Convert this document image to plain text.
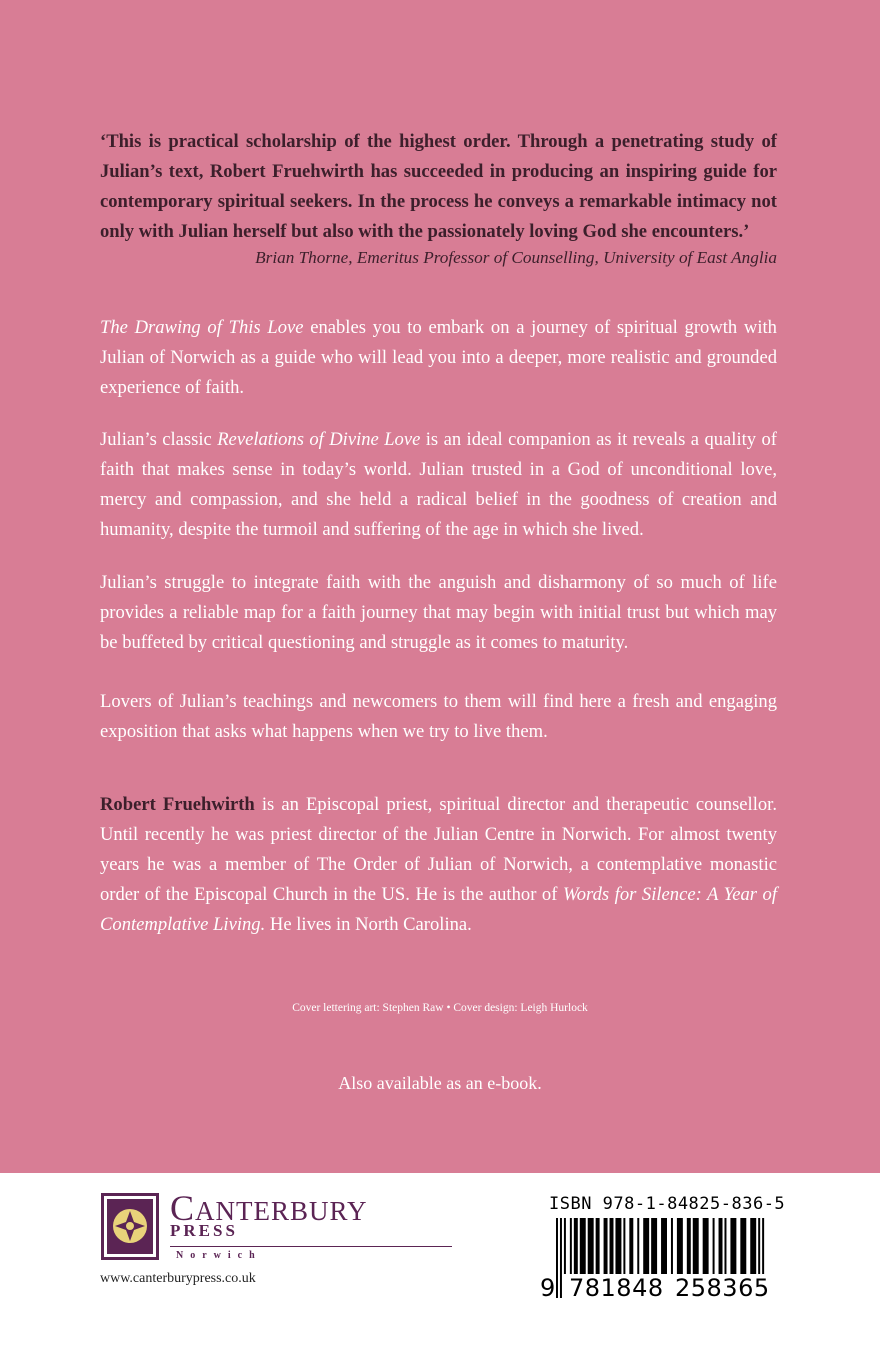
‘This is practical scholarship of the highest order. Through a penetrating study of Julian’s text, Robert Fruehwirth has succeeded in producing an inspiring guide for contemporary spiritual seekers. In the process he conveys a remarkable intimacy not only with Julian herself but also with the passionately loving God she encounters.’

Brian Thorne, Emeritus Professor of Counselling, University of East Anglia

The Drawing of This Love enables you to embark on a journey of spiritual growth with Julian of Norwich as a guide who will lead you into a deeper, more realistic and grounded experience of faith.

Julian’s classic Revelations of Divine Love is an ideal companion as it reveals a quality of faith that makes sense in today’s world. Julian trusted in a God of unconditional love, mercy and compassion, and she held a radical belief in the goodness of creation and humanity, despite the turmoil and suffering of the age in which she lived.

Julian’s struggle to integrate faith with the anguish and disharmony of so much of life provides a reliable map for a faith journey that may begin with initial trust but which may be buffeted by critical questioning and struggle as it comes to maturity.

Lovers of Julian’s teachings and newcomers to them will find here a fresh and engaging exposition that asks what happens when we try to live them.

Robert Fruehwirth is an Episcopal priest, spiritual director and therapeutic counsellor. Until recently he was priest director of the Julian Centre in Norwich. For almost twenty years he was a member of The Order of Julian of Norwich, a contemplative monastic order of the Episcopal Church in the US. He is the author of Words for Silence: A Year of Contemplative Living. He lives in North Carolina.

Cover lettering art: Stephen Raw • Cover design: Leigh Hurlock

Also available as an e-book.

CANTERBURY
PRESS
Norwich
www.canterburypress.co.uk
ISBN 978-1-84825-836-5
9 781848 258365
